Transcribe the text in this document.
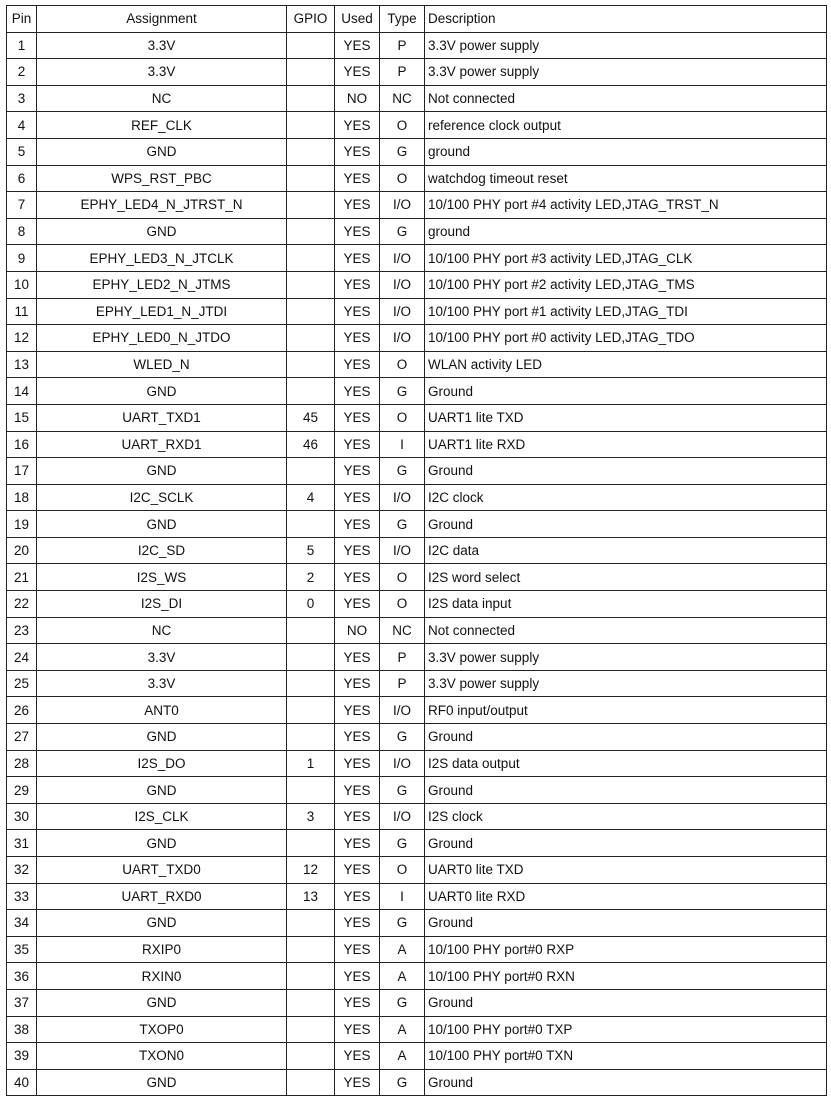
Pin	Assignment	GPIO	Used	Type	Description
1	3.3V		YES	P	3.3V power supply
2	3.3V		YES	P	3.3V power supply
3	NC		NO	NC	Not connected
4	REF_CLK		YES	O	reference clock output
5	GND		YES	G	ground
6	WPS_RST_PBC		YES	O	watchdog timeout reset
7	EPHY_LED4_N_JTRST_N		YES	I/O	10/100 PHY port #4 activity LED,JTAG_TRST_N
8	GND		YES	G	ground
9	EPHY_LED3_N_JTCLK		YES	I/O	10/100 PHY port #3 activity LED,JTAG_CLK
10	EPHY_LED2_N_JTMS		YES	I/O	10/100 PHY port #2 activity LED,JTAG_TMS
11	EPHY_LED1_N_JTDI		YES	I/O	10/100 PHY port #1 activity LED,JTAG_TDI
12	EPHY_LED0_N_JTDO		YES	I/O	10/100 PHY port #0 activity LED,JTAG_TDO
13	WLED_N		YES	O	WLAN activity LED
14	GND		YES	G	Ground
15	UART_TXD1	45	YES	O	UART1 lite TXD
16	UART_RXD1	46	YES	I	UART1 lite RXD
17	GND		YES	G	Ground
18	I2C_SCLK	4	YES	I/O	I2C clock
19	GND		YES	G	Ground
20	I2C_SD	5	YES	I/O	I2C data
21	I2S_WS	2	YES	O	I2S word select
22	I2S_DI	0	YES	O	I2S data input
23	NC		NO	NC	Not connected
24	3.3V		YES	P	3.3V power supply
25	3.3V		YES	P	3.3V power supply
26	ANT0		YES	I/O	RF0 input/output
27	GND		YES	G	Ground
28	I2S_DO	1	YES	I/O	I2S data output
29	GND		YES	G	Ground
30	I2S_CLK	3	YES	I/O	I2S clock
31	GND		YES	G	Ground
32	UART_TXD0	12	YES	O	UART0 lite TXD
33	UART_RXD0	13	YES	I	UART0 lite RXD
34	GND		YES	G	Ground
35	RXIP0		YES	A	10/100 PHY port#0 RXP
36	RXIN0		YES	A	10/100 PHY port#0 RXN
37	GND		YES	G	Ground
38	TXOP0		YES	A	10/100 PHY port#0 TXP
39	TXON0		YES	A	10/100 PHY port#0 TXN
40	GND		YES	G	Ground
